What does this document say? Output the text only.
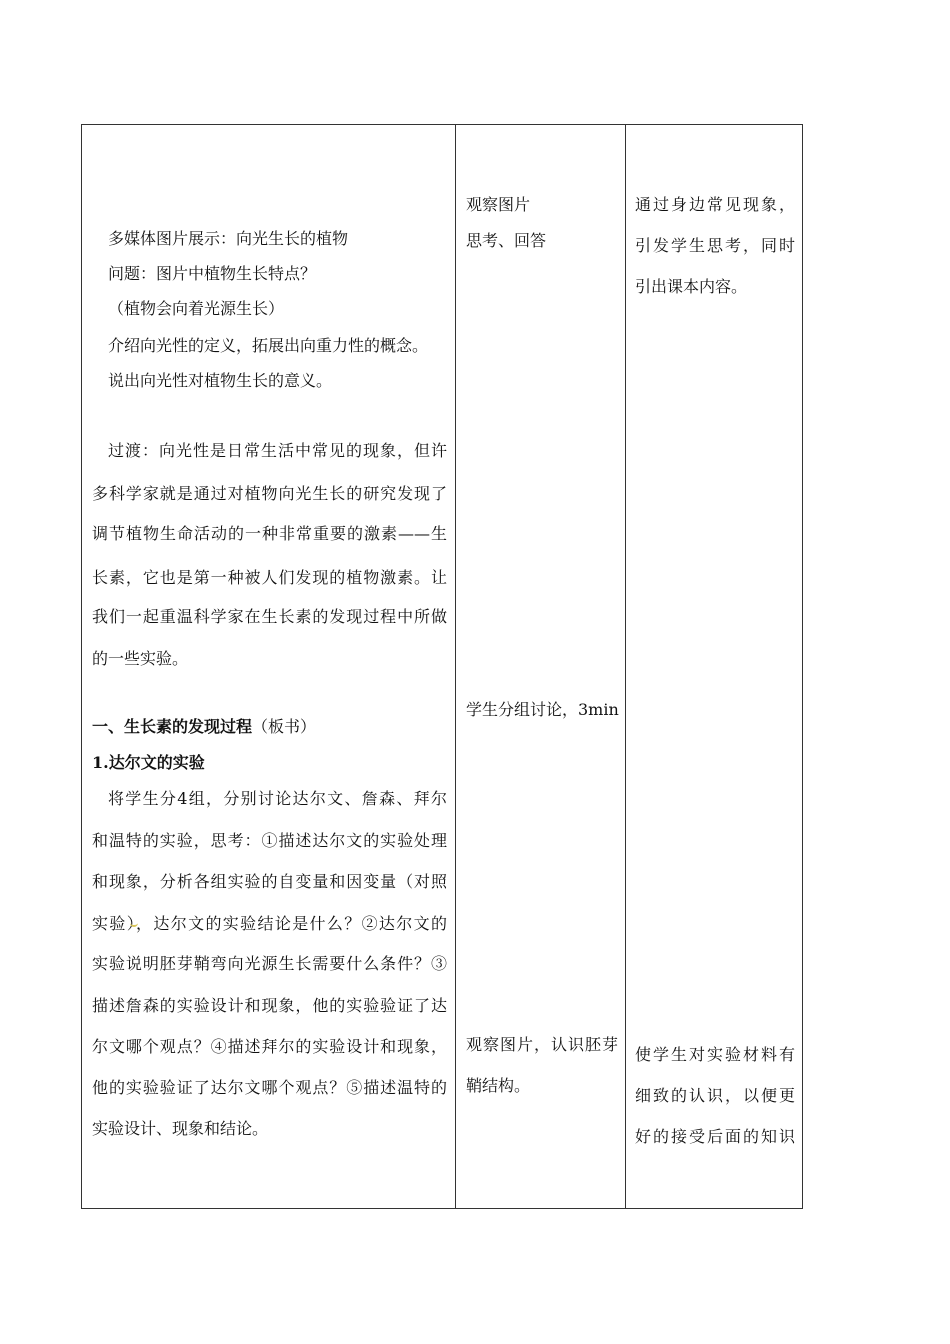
多媒体图片展示：向光生长的植物
问题：图片中植物生长特点？
（植物会向着光源生长）
介绍向光性的定义，拓展出向重力性的概念。
说出向光性对植物生长的意义。
过渡：向光性是日常生活中常见的现象，但许
多科学家就是通过对植物向光生长的研究发现了
调节植物生命活动的一种非常重要的激素——生
长素，它也是第一种被人们发现的植物激素。让
我们一起重温科学家在生长素的发现过程中所做
的一些实验。
一、生长素的发现过程（板书）
1.达尔文的实验
将学生分4组，分别讨论达尔文、詹森、拜尔
和温特的实验，思考：①描述达尔文的实验处理
和现象，分析各组实验的自变量和因变量（对照
实验），达尔文的实验结论是什么？②达尔文的
实验说明胚芽鞘弯向光源生长需要什么条件？③
描述詹森的实验设计和现象，他的实验验证了达
尔文哪个观点？④描述拜尔的实验设计和现象，
他的实验验证了达尔文哪个观点？⑤描述温特的
实验设计、现象和结论。
观察图片
思考、回答
学生分组讨论，3min
观察图片，认识胚芽
鞘结构。
通过身边常见现象，
引发学生思考，同时
引出课本内容。
使学生对实验材料有
细致的认识，以便更
好的接受后面的知识
